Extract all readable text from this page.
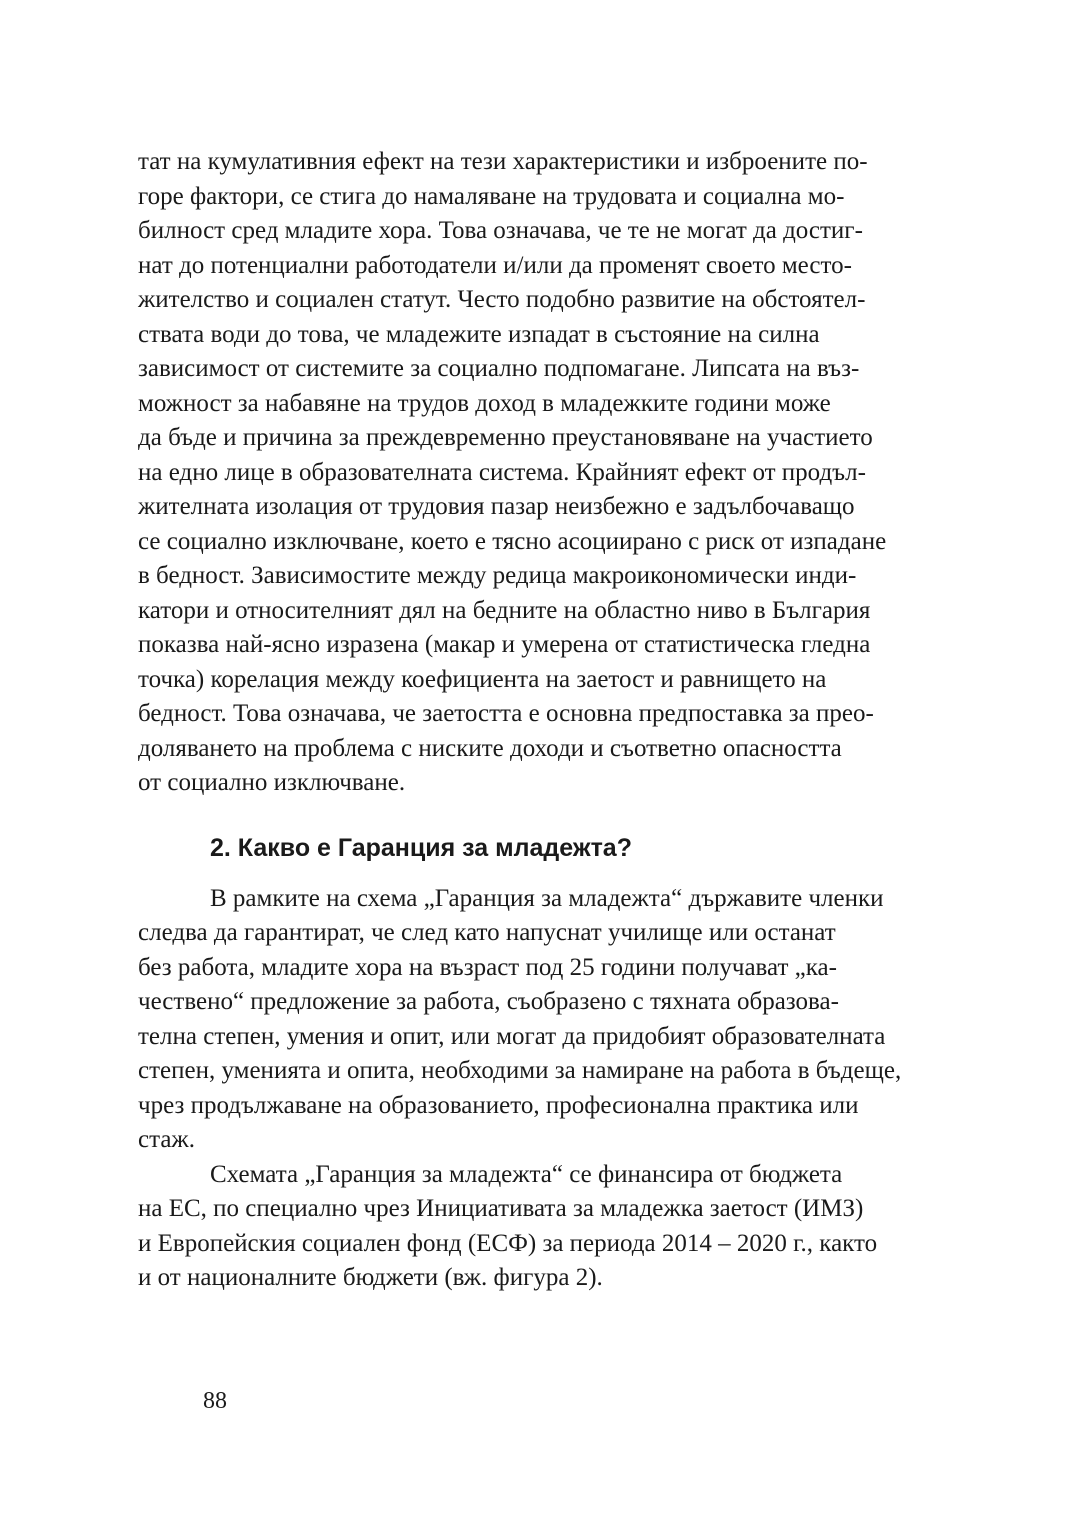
тат на кумулативния ефект на тези характеристики и изброените по-
горе фактори, се стига до намаляване на трудовата и социална мо-
билност сред младите хора. Това означава, че те не могат да достиг-
нат до потенциални работодатели и/или да променят своето место-
жителство и социален статут. Често подобно развитие на обстоятел-
ствата води до това, че младежите изпадат в състояние на силна
зависимост от системите за социално подпомагане. Липсата на въз-
можност за набавяне на трудов доход в младежките години може
да бъде и причина за преждевременно преустановяване на участието
на едно лице в образователната система. Крайният ефект от продъл-
жителната изолация от трудовия пазар неизбежно е задълбочаващо
се социално изключване, което е тясно асоциирано с риск от изпадане
в бедност. Зависимостите между редица макроикономически инди-
катори и относителният дял на бедните на областно ниво в България
показва най-ясно изразена (макар и умерена от статистическа гледна
точка) корелация между коефициента на заетост и равнището на
бедност. Това означава, че заетостта е основна предпоставка за прео-
доляването на проблема с ниските доходи и съответно опасността
от социално изключване.
2. Какво е Гаранция за младежта?
В рамките на схема „Гаранция за младежта“ държавите членки
следва да гарантират, че след като напуснат училище или останат
без работа, младите хора на възраст под 25 години получават „ка-
чествено“ предложение за работа, съобразено с тяхната образова-
телна степен, умения и опит, или могат да придобият образователната
степен, уменията и опита, необходими за намиране на работа в бъдеще,
чрез продължаване на образованието, професионална практика или
стаж.
Схемата „Гаранция за младежта“ се финансира от бюджета
на ЕС, по специално чрез Инициативата за младежка заетост (ИМЗ)
и Европейския социален фонд (ЕСФ) за периода 2014 – 2020 г., както
и от националните бюджети (вж. фигура 2).
88
